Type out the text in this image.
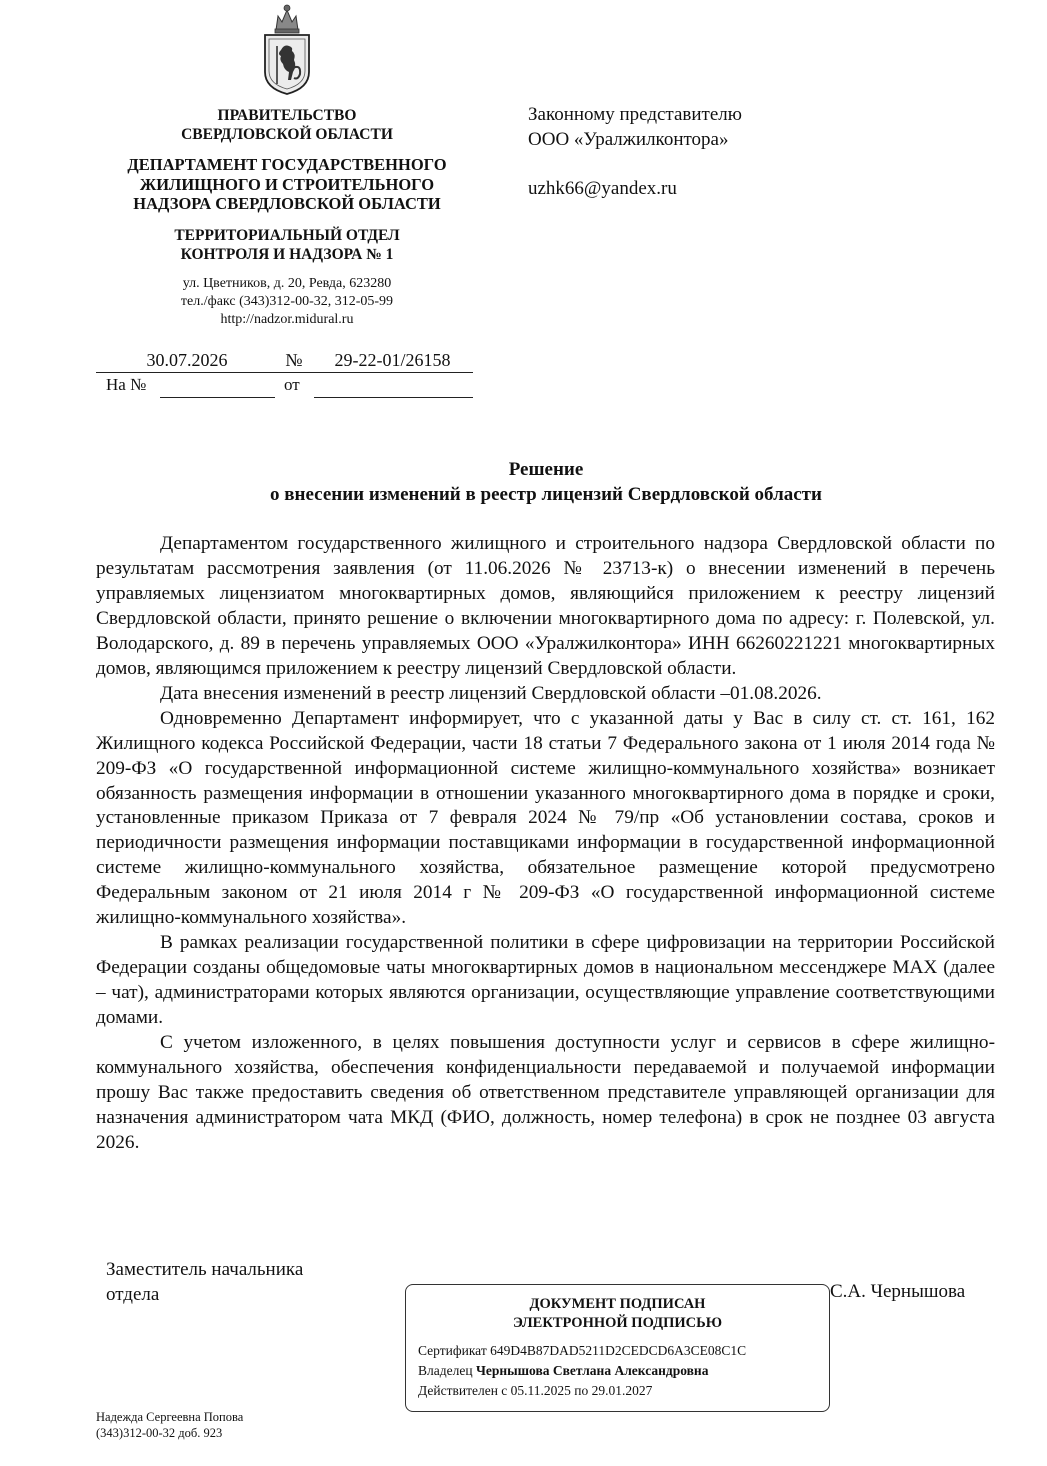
ПРАВИТЕЛЬСТВО
СВЕРДЛОВСКОЙ ОБЛАСТИ
ДЕПАРТАМЕНТ ГОСУДАРСТВЕННОГО
ЖИЛИЩНОГО И СТРОИТЕЛЬНОГО
НАДЗОРА СВЕРДЛОВСКОЙ ОБЛАСТИ
ТЕРРИТОРИАЛЬНЫЙ ОТДЕЛ
КОНТРОЛЯ И НАДЗОРА № 1
ул. Цветников, д. 20, Ревда, 623280
тел./факс (343)312-00-32, 312-05-99
http://nadzor.midural.ru
30.07.2026	№	29-22-01/26158
На №	от
Законному представителю
ООО «Уралжилконтора»
uzhk66@yandex.ru
Решение
о внесении изменений в реестр лицензий Свердловской области

Департаментом государственного жилищного и строительного надзора Свердловской области по результатам рассмотрения заявления (от 11.06.2026 № 23713-к) о внесении изменений в перечень управляемых лицензиатом многоквартирных домов, являющийся приложением к реестру лицензий Свердловской области, принято решение о включении многоквартирного дома по адресу: г. Полевской, ул. Володарского, д. 89 в перечень управляемых ООО «Уралжилконтора» ИНН 66260221221 многоквартирных домов, являющимся приложением к реестру лицензий Свердловской области.

Дата внесения изменений в реестр лицензий Свердловской области –01.08.2026.

Одновременно Департамент информирует, что с указанной даты у Вас в силу ст. ст. 161, 162 Жилищного кодекса Российской Федерации, части 18 статьи 7 Федерального закона от 1 июля 2014 года № 209-ФЗ «О государственной информационной системе жилищно-коммунального хозяйства» возникает обязанность размещения информации в отношении указанного многоквартирного дома в порядке и сроки, установленные приказом Приказа от 7 февраля 2024 № 79/пр «Об установлении состава, сроков и периодичности размещения информации поставщиками информации в государственной информационной системе жилищно-коммунального хозяйства, обязательное размещение которой предусмотрено Федеральным законом от 21 июля 2014 г № 209-ФЗ «О государственной информационной системе жилищно-коммунального хозяйства».

В рамках реализации государственной политики в сфере цифровизации на территории Российской Федерации созданы общедомовые чаты многоквартирных домов в национальном мессенджере MAX (далее – чат), администраторами которых являются организации, осуществляющие управление соответствующими домами.

С учетом изложенного, в целях повышения доступности услуг и сервисов в сфере жилищно-коммунального хозяйства, обеспечения конфиденциальности передаваемой и получаемой информации прошу Вас также предоставить сведения об ответственном представителе управляющей организации для назначения администратором чата МКД (ФИО, должность, номер телефона) в срок не позднее 03 августа 2026.

Заместитель начальника
отдела	С.А. Чернышова
ДОКУМЕНТ ПОДПИСАН
ЭЛЕКТРОННОЙ ПОДПИСЬЮ
Сертификат 649D4B87DAD5211D2CEDCD6A3CE08C1C
Владелец Чернышова Светлана Александровна
Действителен с 05.11.2025 по 29.01.2027
Надежда Сергеевна Попова
(343)312-00-32 доб. 923
